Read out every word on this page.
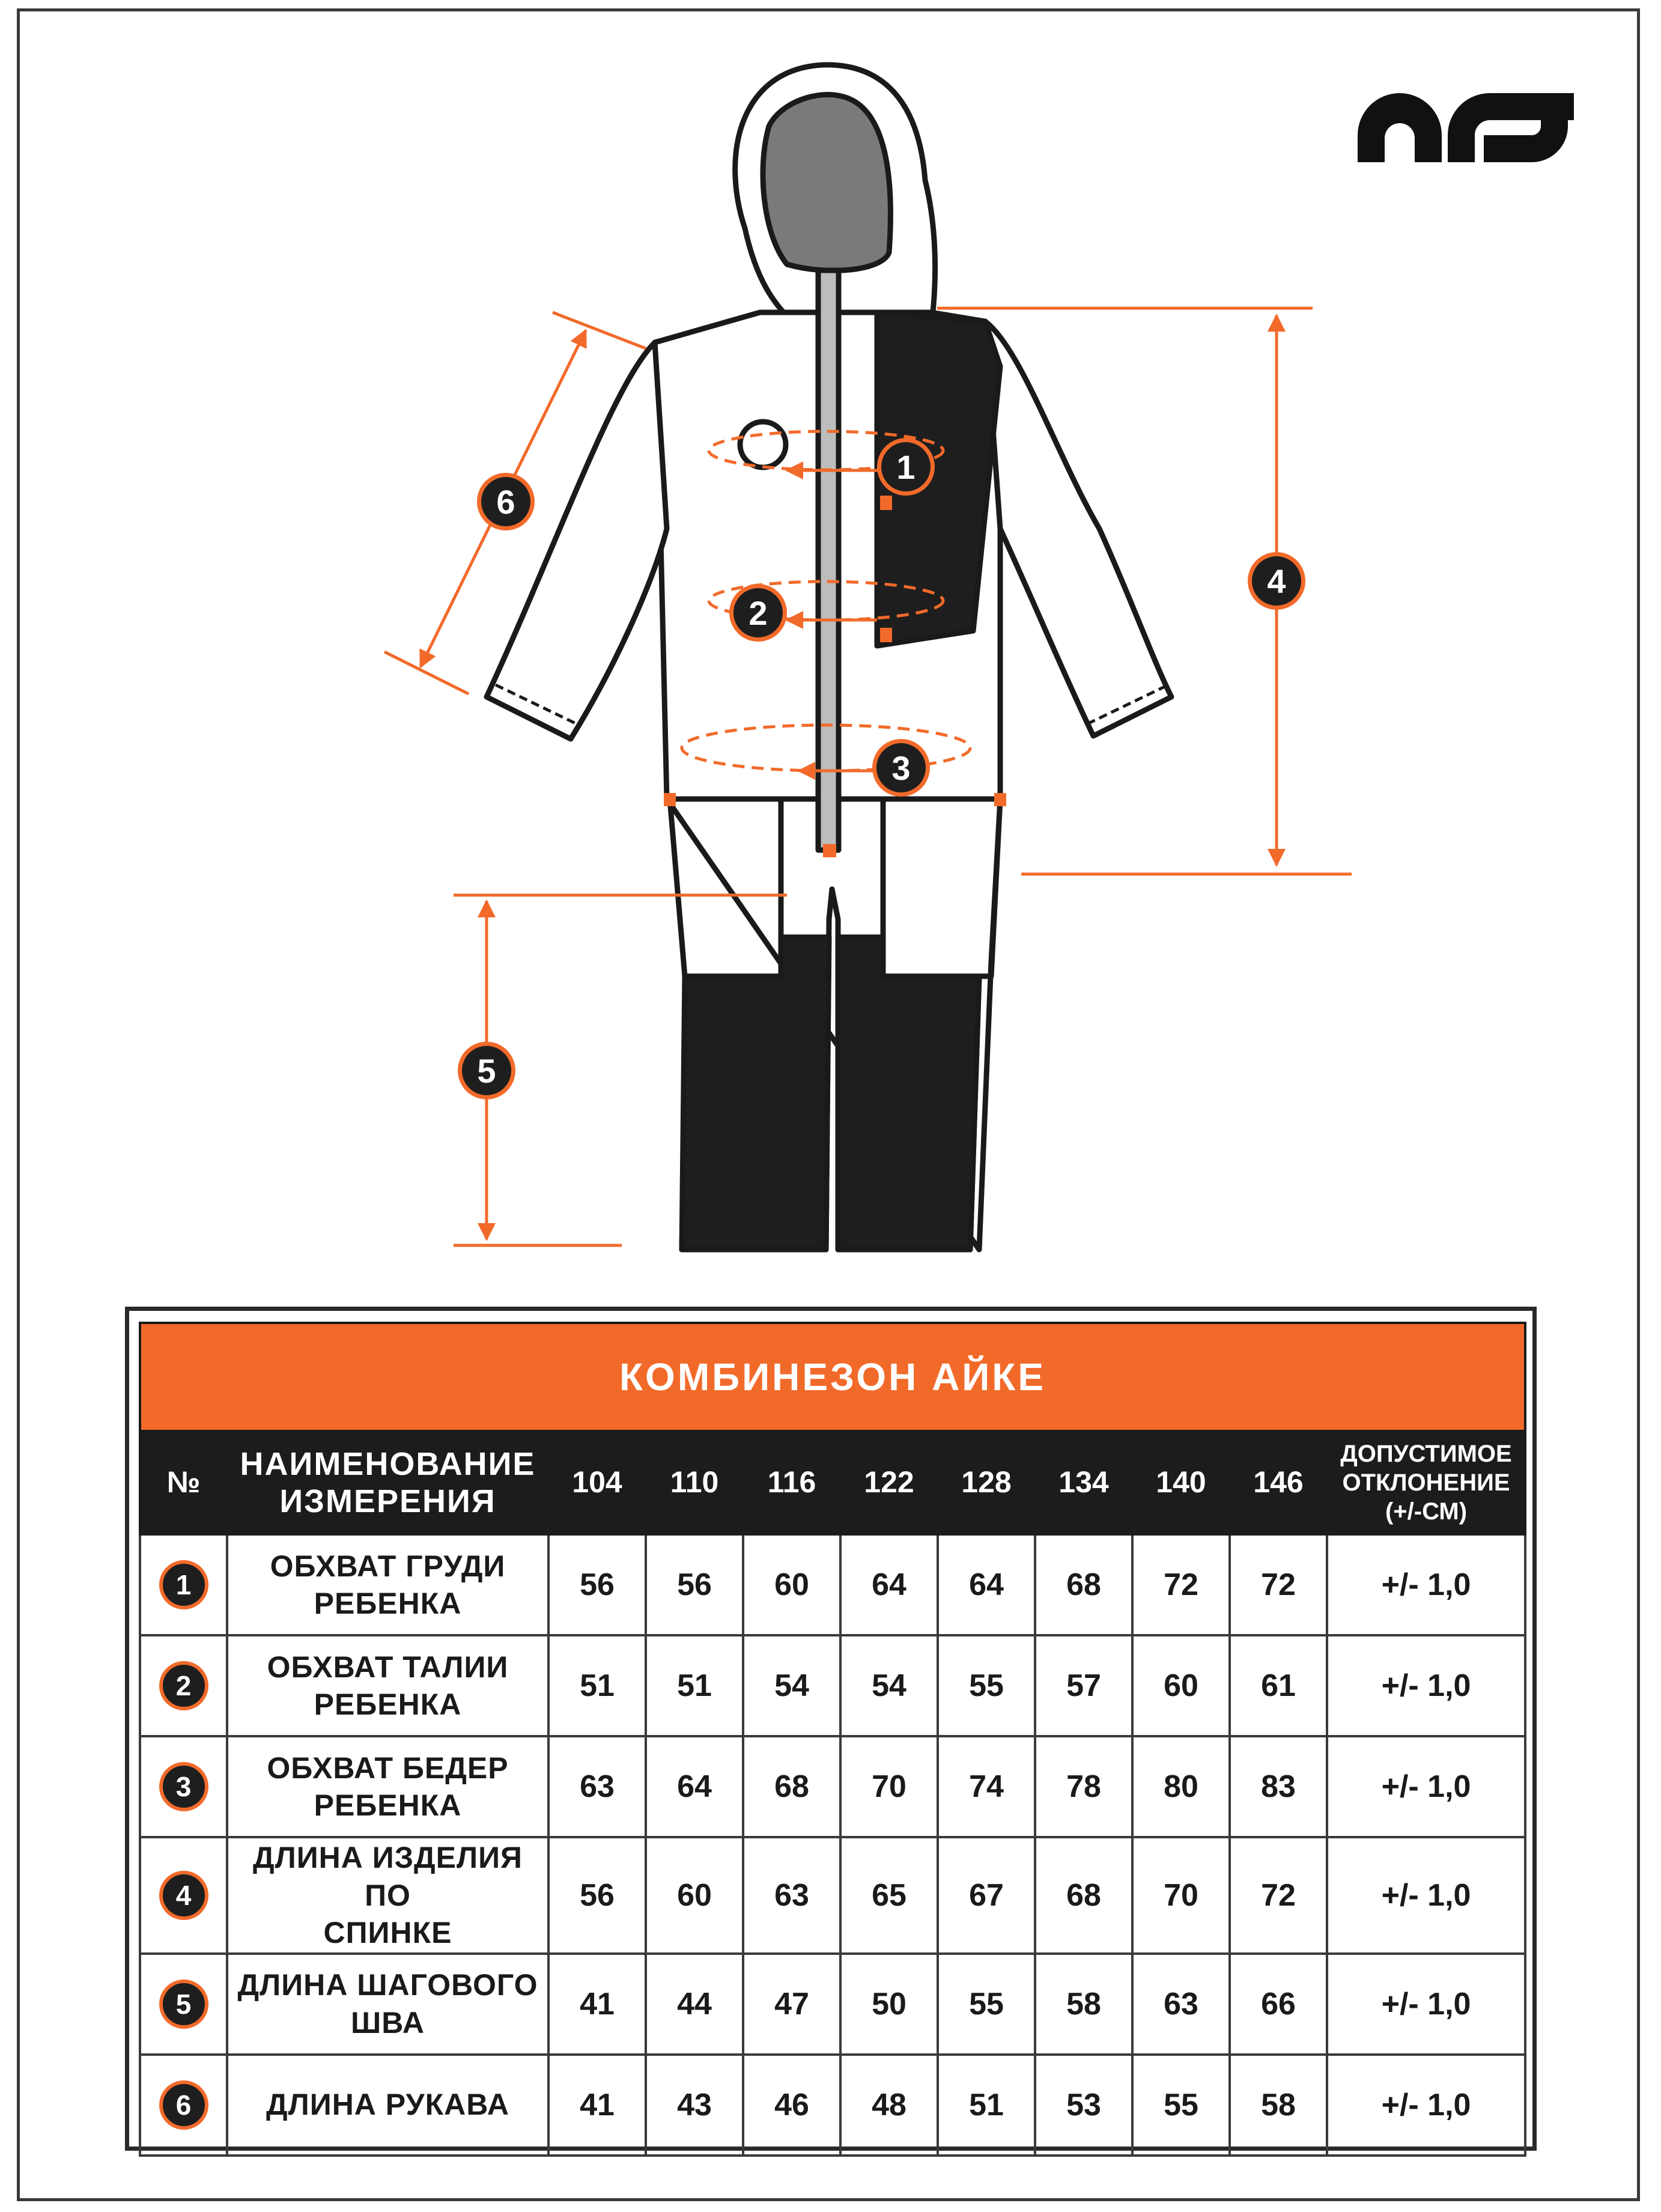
1
2
3
4
5
6
КОМБИНЕЗОН АЙКЕ										
№	НАИМЕНОВАНИЕ
ИЗМЕРЕНИЯ	104	110	116	122	128	134	140	146	ДОПУСТИМОЕ
ОТКЛОНЕНИЕ
(+/-СМ)
1	ОБХВАТ ГРУДИ
РЕБЕНКА	56	56	60	64	64	68	72	72	+/- 1,0
2	ОБХВАТ ТАЛИИ
РЕБЕНКА	51	51	54	54	55	57	60	61	+/- 1,0
3	ОБХВАТ БЕДЕР
РЕБЕНКА	63	64	68	70	74	78	80	83	+/- 1,0
4	ДЛИНА ИЗДЕЛИЯ ПО
СПИНКЕ	56	60	63	65	67	68	70	72	+/- 1,0
5	ДЛИНА ШАГОВОГО
ШВА	41	44	47	50	55	58	63	66	+/- 1,0
6	ДЛИНА РУКАВА	41	43	46	48	51	53	55	58	+/- 1,0
